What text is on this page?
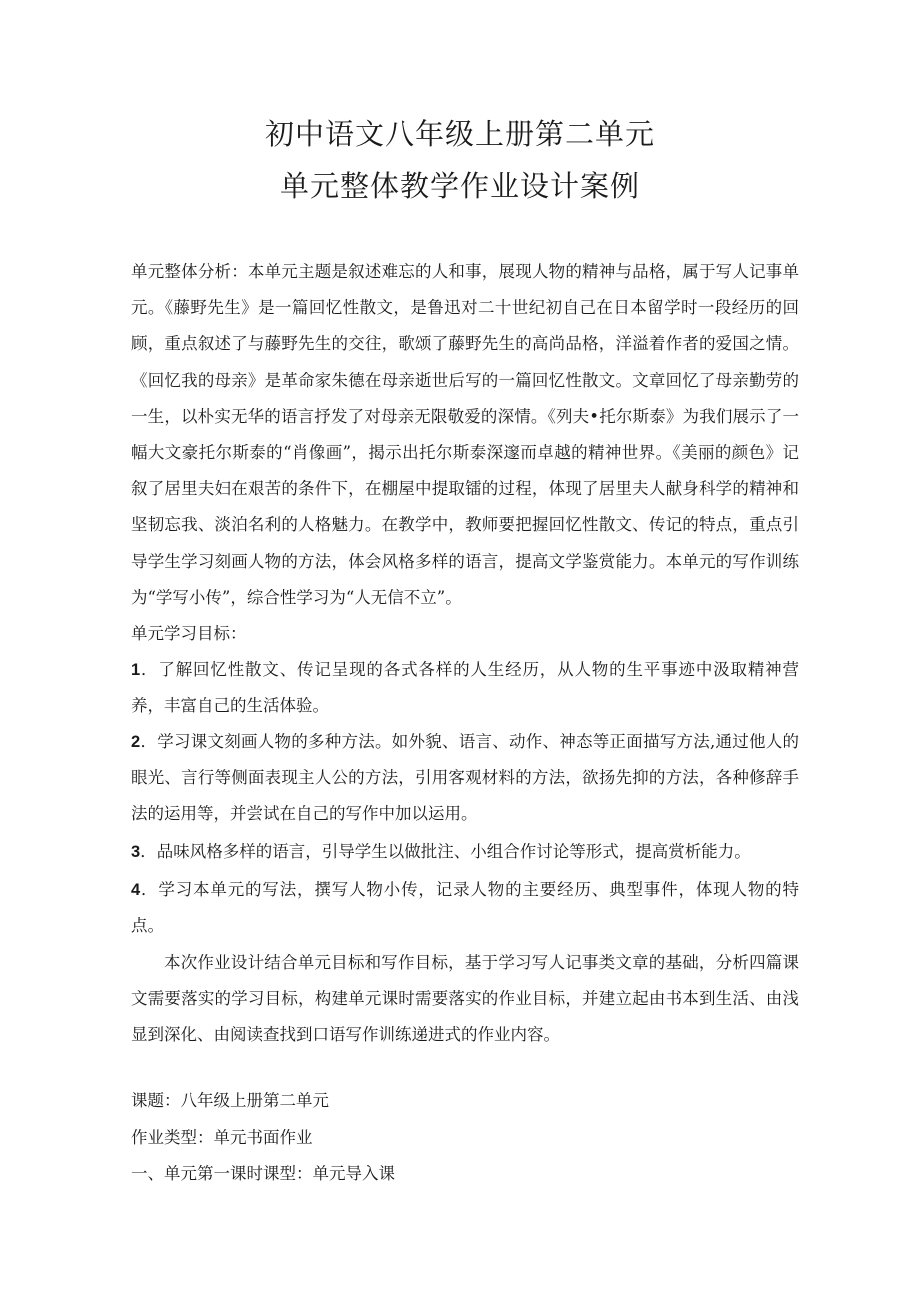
初中语文八年级上册第二单元
单元整体教学作业设计案例

单元整体分析：本单元主题是叙述难忘的人和事，展现人物的精神与品格，属于写人记事单元。《藤野先生》是一篇回忆性散文，是鲁迅对二十世纪初自己在日本留学时一段经历的回顾，重点叙述了与藤野先生的交往，歌颂了藤野先生的高尚品格，洋溢着作者的爱国之情。《回忆我的母亲》是革命家朱德在母亲逝世后写的一篇回忆性散文。文章回忆了母亲勤劳的一生，以朴实无华的语言抒发了对母亲无限敬爱的深情。《列夫•托尔斯泰》为我们展示了一幅大文豪托尔斯泰的“肖像画”，揭示出托尔斯泰深邃而卓越的精神世界。《美丽的颜色》记叙了居里夫妇在艰苦的条件下，在棚屋中提取镭的过程，体现了居里夫人献身科学的精神和坚韧忘我、淡泊名利的人格魅力。在教学中，教师要把握回忆性散文、传记的特点，重点引导学生学习刻画人物的方法，体会风格多样的语言，提高文学鉴赏能力。本单元的写作训练为“学写小传”，综合性学习为“人无信不立”。

单元学习目标：

1．了解回忆性散文、传记呈现的各式各样的人生经历，从人物的生平事迹中汲取精神营养，丰富自己的生活体验。

2．学习课文刻画人物的多种方法。如外貌、语言、动作、神态等正面描写方法,通过他人的眼光、言行等侧面表现主人公的方法，引用客观材料的方法，欲扬先抑的方法，各种修辞手法的运用等，并尝试在自己的写作中加以运用。

3．品味风格多样的语言，引导学生以做批注、小组合作讨论等形式，提高赏析能力。

4．学习本单元的写法，撰写人物小传，记录人物的主要经历、典型事件，体现人物的特点。

本次作业设计结合单元目标和写作目标，基于学习写人记事类文章的基础，分析四篇课文需要落实的学习目标，构建单元课时需要落实的作业目标，并建立起由书本到生活、由浅显到深化、由阅读查找到口语写作训练递进式的作业内容。

课题：八年级上册第二单元

作业类型：单元书面作业

一、单元第一课时课型：单元导入课
